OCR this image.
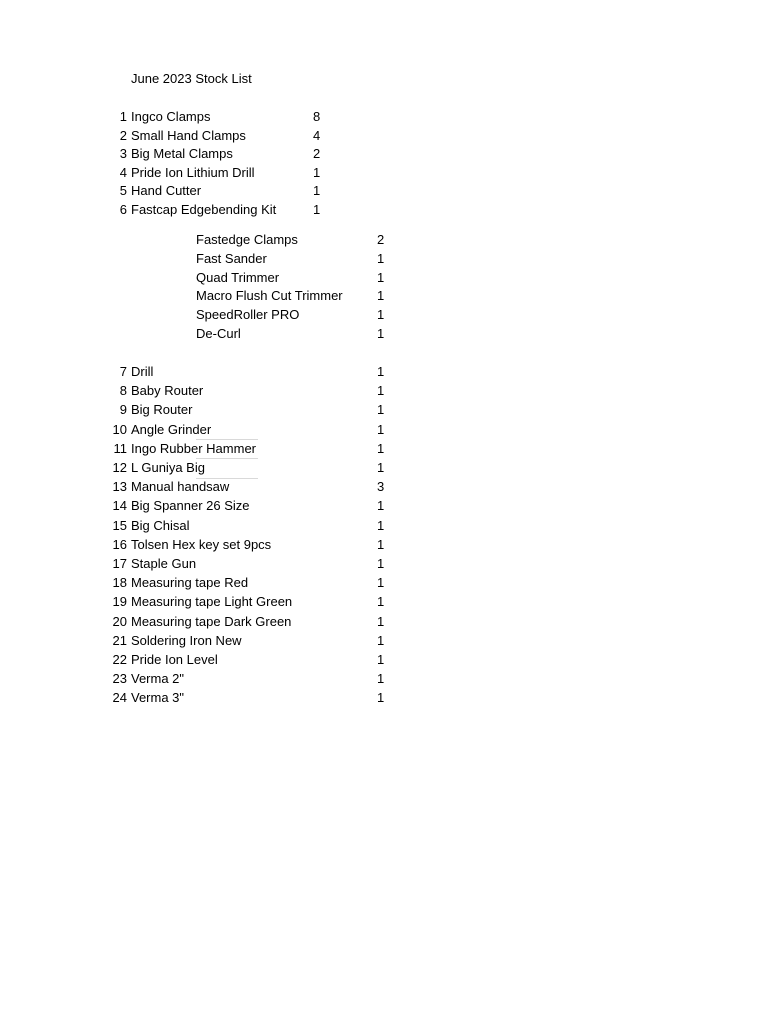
June 2023 Stock List
1 Ingco Clamps	8
2 Small Hand Clamps	4
3 Big Metal Clamps	2
4 Pride Ion Lithium Drill	1
5 Hand Cutter	1
6 Fastcap Edgebending Kit	1
Fastedge Clamps	2
Fast Sander	1
Quad Trimmer	1
Macro Flush Cut Trimmer	1
SpeedRoller PRO	1
De-Curl	1
7 Drill	1
8 Baby Router	1
9 Big Router	1
10 Angle Grinder	1
11 Ingo Rubber Hammer	1
12 L Guniya Big	1
13 Manual handsaw	3
14 Big Spanner 26 Size	1
15 Big Chisal	1
16 Tolsen Hex key set 9pcs	1
17 Staple Gun	1
18 Measuring tape Red	1
19 Measuring tape Light Green	1
20 Measuring tape Dark Green	1
21 Soldering Iron New	1
22 Pride Ion Level	1
23 Verma 2"	1
24 Verma 3"	1
